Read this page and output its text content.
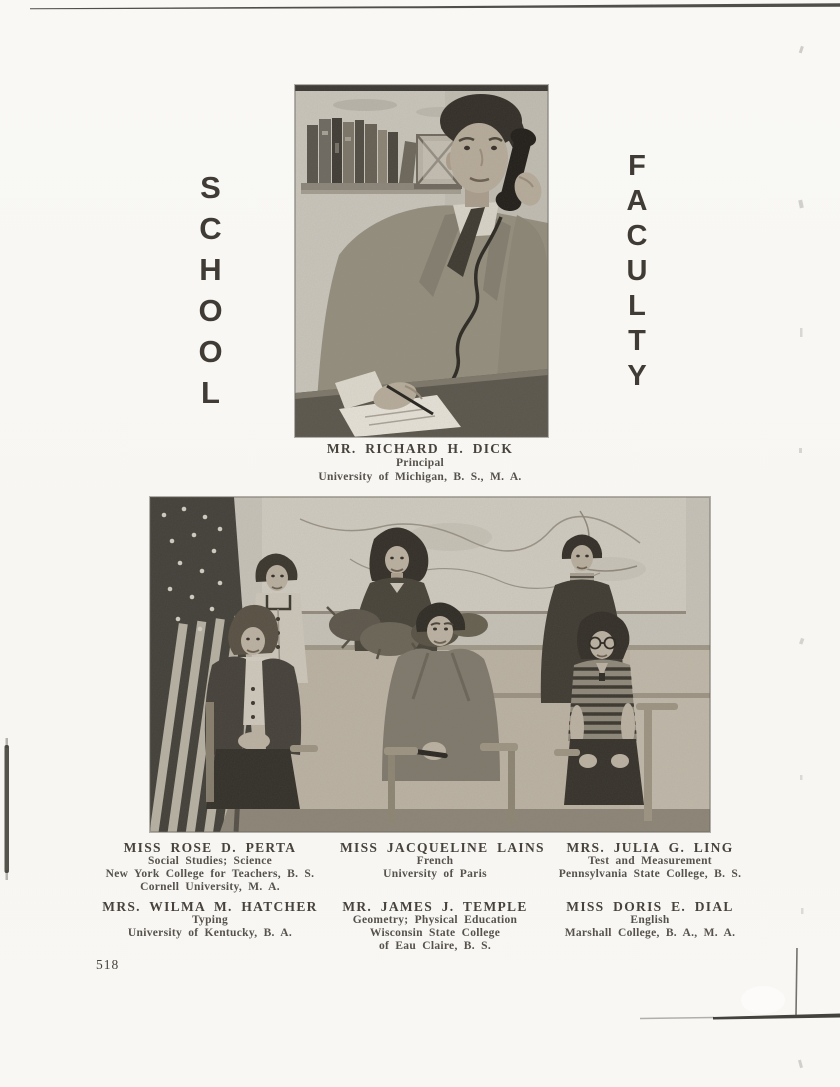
SCHOOL	FACULTY
MR. RICHARD H. DICK
Principal
University of Michigan, B. S., M. A.
MISS ROSE D. PERTA
Social Studies; Science
New York College for Teachers, B. S.
Cornell University, M. A.
MRS. WILMA M. HATCHER
Typing
University of Kentucky, B. A.
MISS JACQUELINE LAINS
French
University of Paris
MR. JAMES J. TEMPLE
Geometry; Physical Education
Wisconsin State College
of Eau Claire, B. S.
MRS. JULIA G. LING
Test and Measurement
Pennsylvania State College, B. S.
MISS DORIS E. DIAL
English
Marshall College, B. A., M. A.
518
